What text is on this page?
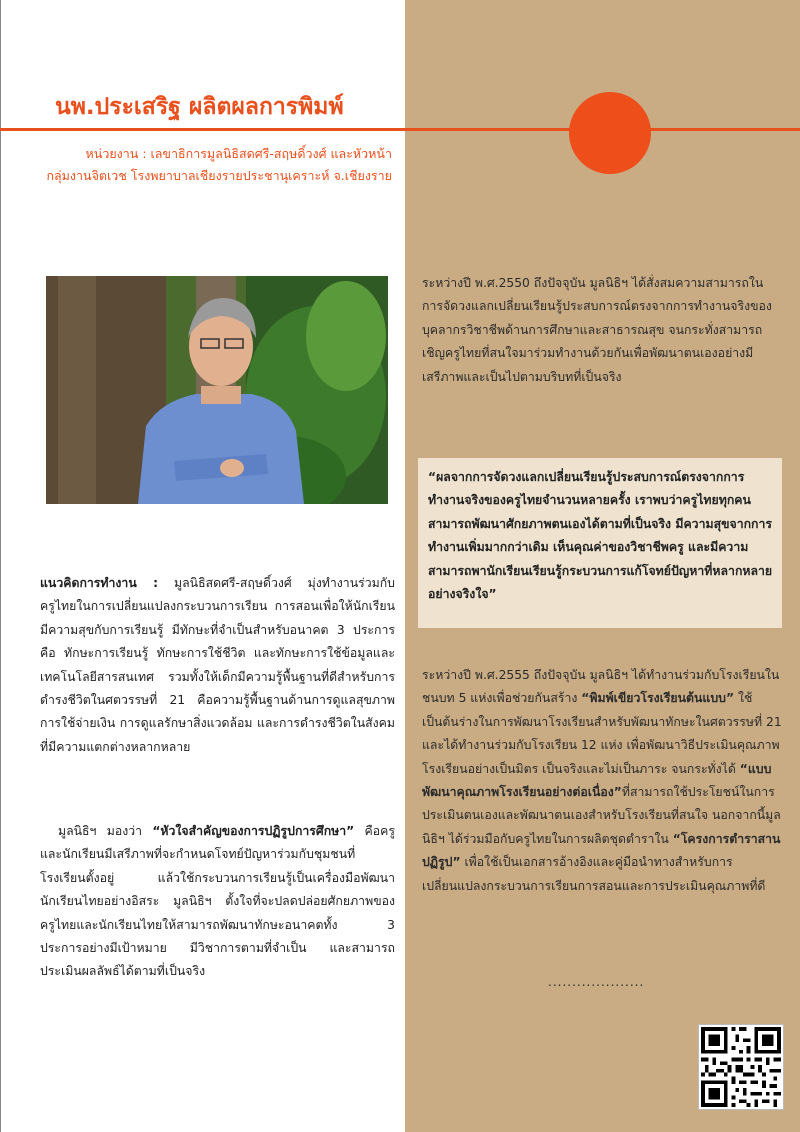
นพ.ประเสริฐ ผลิตผลการพิมพ์
หน่วยงาน : เลขาธิการมูลนิธิสดศรี-สฤษดิ์วงศ์ และหัวหน้า
กลุ่มงานจิตเวช โรงพยาบาลเชียงรายประชานุเคราะห์ จ.เชียงราย
แนวคิดการทำงาน : มูลนิธิสดศรี-สฤษดิ์วงศ์ มุ่งทำงานร่วมกับครูไทยในการเปลี่ยนแปลงกระบวนการเรียน การสอนเพื่อให้นักเรียนมีความสุขกับการเรียนรู้ มีทักษะที่จำเป็นสำหรับอนาคต 3 ประการคือ ทักษะการเรียนรู้ ทักษะการใช้ชีวิต และทักษะการใช้ข้อมูลและเทคโนโลยีสารสนเทศ รวมทั้งให้เด็กมีความรู้พื้นฐานที่ดีสำหรับการดำรงชีวิตในศตวรรษที่ 21 คือความรู้พื้นฐานด้านการดูแลสุขภาพ การใช้จ่ายเงิน การดูแลรักษาสิ่งแวดล้อม และการดำรงชีวิตในสังคมที่มีความแตกต่างหลากหลาย
มูลนิธิฯ มองว่า “หัวใจสำคัญของการปฏิรูปการศึกษา” คือครูและนักเรียนมีเสรีภาพที่จะกำหนดโจทย์ปัญหาร่วมกับชุมชนที่โรงเรียนตั้งอยู่ แล้วใช้กระบวนการเรียนรู้เป็นเครื่องมือพัฒนานักเรียนไทยอย่างอิสระ มูลนิธิฯ ตั้งใจที่จะปลดปล่อยศักยภาพของครูไทยและนักเรียนไทยให้สามารถพัฒนาทักษะอนาคตทั้ง 3 ประการอย่างมีเป้าหมาย มีวิชาการตามที่จำเป็น และสามารถประเมินผลลัพธ์ได้ตามที่เป็นจริง
ระหว่างปี พ.ศ.2550 ถึงปัจจุบัน มูลนิธิฯ ได้สั่งสมความสามารถในการจัดวงแลกเปลี่ยนเรียนรู้ประสบการณ์ตรงจากการทำงานจริงของบุคลากรวิชาชีพด้านการศึกษาและสาธารณสุข จนกระทั่งสามารถเชิญครูไทยที่สนใจมาร่วมทำงานด้วยกันเพื่อพัฒนาตนเองอย่างมีเสรีภาพและเป็นไปตามบริบทที่เป็นจริง
“ผลจากการจัดวงแลกเปลี่ยนเรียนรู้ประสบการณ์ตรงจากการทำงานจริงของครูไทยจำนวนหลายครั้ง เราพบว่าครูไทยทุกคนสามารถพัฒนาศักยภาพตนเองได้ตามที่เป็นจริง มีความสุขจากการทำงานเพิ่มมากกว่าเดิม เห็นคุณค่าของวิชาชีพครู และมีความสามารถพานักเรียนเรียนรู้กระบวนการแก้โจทย์ปัญหาที่หลากหลายอย่างจริงใจ”
ระหว่างปี พ.ศ.2555 ถึงปัจจุบัน มูลนิธิฯ ได้ทำงานร่วมกับโรงเรียนในชนบท 5 แห่งเพื่อช่วยกันสร้าง “พิมพ์เขียวโรงเรียนต้นแบบ” ใช้เป็นต้นร่างในการพัฒนาโรงเรียนสำหรับพัฒนาทักษะในศตวรรษที่ 21 และได้ทำงานร่วมกับโรงเรียน 12 แห่ง เพื่อพัฒนาวิธีประเมินคุณภาพโรงเรียนอย่างเป็นมิตร เป็นจริงและไม่เป็นภาระ จนกระทั่งได้ “แบบพัฒนาคุณภาพโรงเรียนอย่างต่อเนื่อง”ที่สามารถใช้ประโยชน์ในการประเมินตนเองและพัฒนาตนเองสำหรับโรงเรียนที่สนใจ นอกจากนี้มูลนิธิฯ ได้ร่วมมือกับครูไทยในการผลิตชุดตำราใน “โครงการตำราสานปฏิรูป” เพื่อใช้เป็นเอกสารอ้างอิงและคู่มือนำทางสำหรับการเปลี่ยนแปลงกระบวนการเรียนการสอนและการประเมินคุณภาพที่ดี
....................
